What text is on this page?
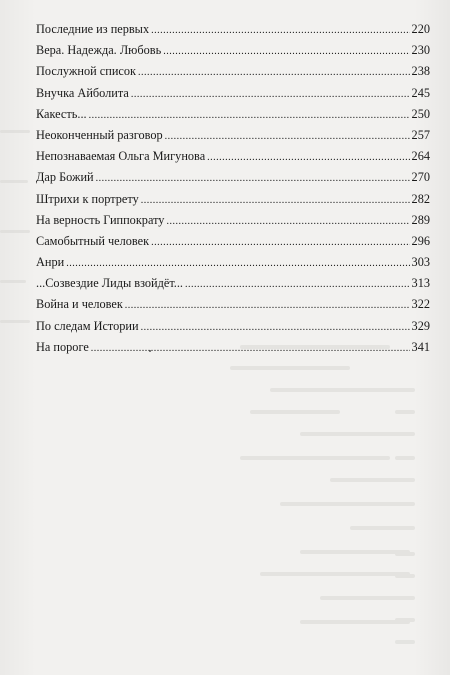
Последние из первых .....	220
Вера. Надежда. Любовь .....	230
Послужной список .....	238
Внучка Айболита .....	245
Какесть... .....	250
Неоконченный разговор .....	257
Непознаваемая Ольга Мигунова .....	264
Дар Божий .....	270
Штрихи к портрету .....	282
На верность Гиппократу .....	289
Самобытный человек .....	296
Анри .....	303
...Созвездие Лиды взойдёт... .....	313
Война и человек .....	322
По следам Истории .....	329
На пороге .....	341
